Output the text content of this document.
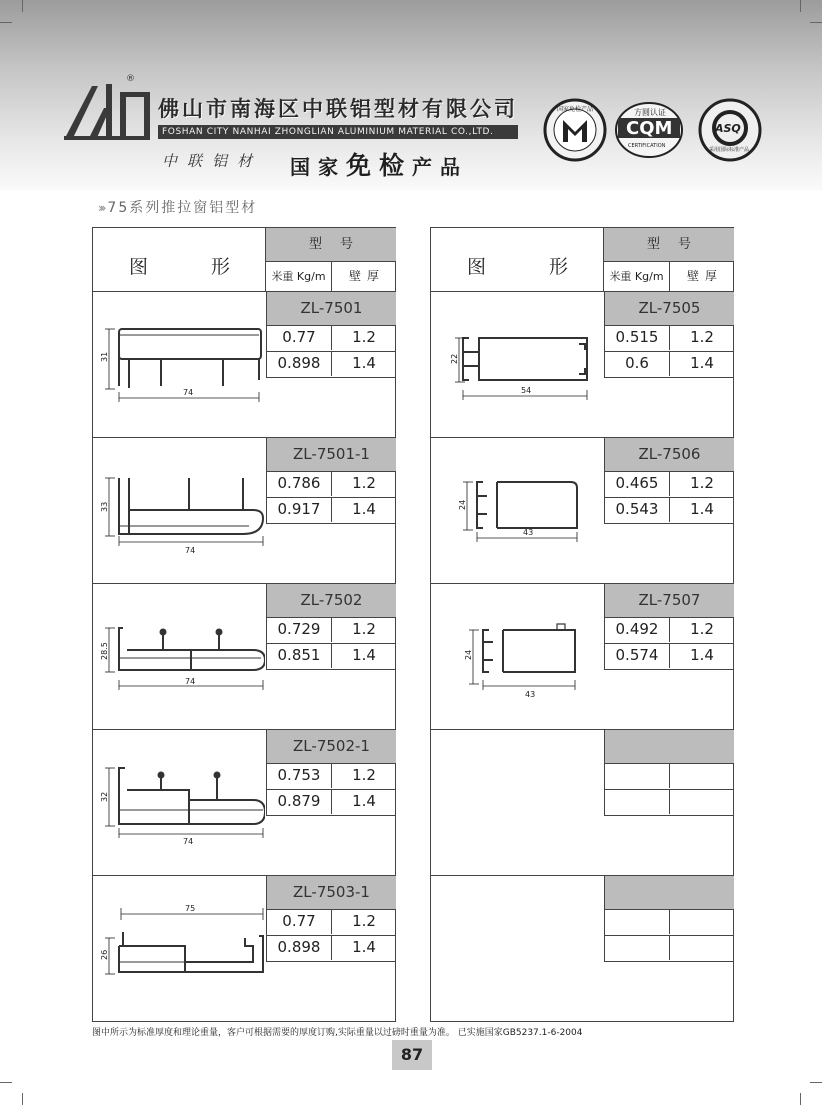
®
佛山市南海区中联铝型材有限公司
FOSHAN CITY NANHAI ZHONGLIAN ALUMINIUM MATERIAL CO.,LTD.
中联铝材 国家免检产品
国家免检产品	方圆认证
CQM
CERTIFICATION
ASQ
采用国际标准产品
››› 75系列推拉窗铝型材
图	形
型号
米重 Kg/m	壁厚
31
74
ZL-7501
0.77	1.2
0.898	1.4
33
74
ZL-7501-1
0.786	1.2
0.917	1.4
28.5
74
ZL-7502
0.729	1.2
0.851	1.4
32
74
ZL-7502-1
0.753	1.2
0.879	1.4
26
75
ZL-7503-1
0.77	1.2
0.898	1.4
图	形
型号
米重 Kg/m	壁厚
22
54
ZL-7505
0.515	1.2
0.6	1.4
24
43
ZL-7506
0.465	1.2
0.543	1.4
24
43
ZL-7507
0.492	1.2
0.574	1.4
图中所示为标准厚度和理论重量，客户可根据需要的厚度订购,实际重量以过磅时重量为准。 已实施国家GB5237.1-6-2004
87
